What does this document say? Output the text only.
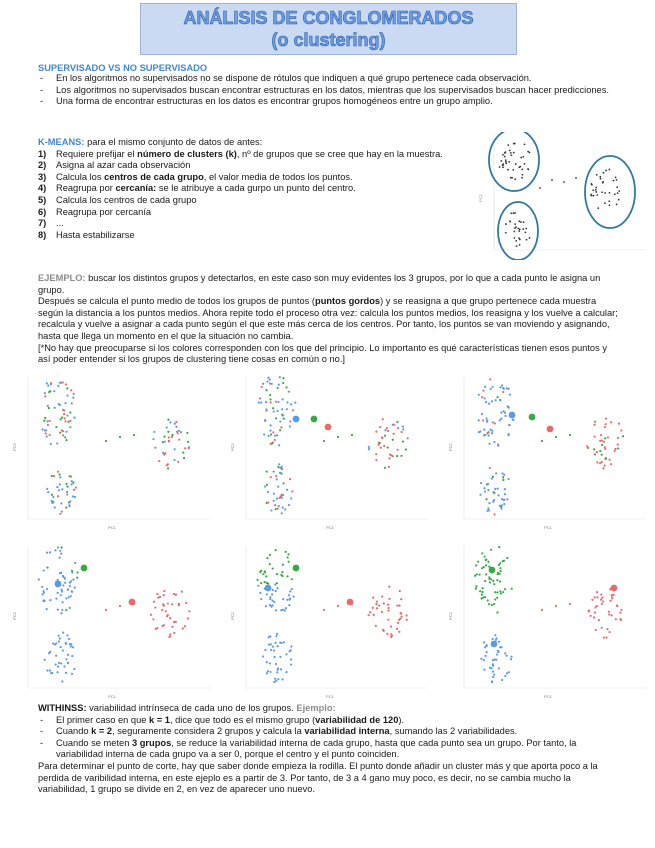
ANÁLISIS DE CONGLOMERADOS
(o clustering)
SUPERVISADO VS NO SUPERVISADO
- En los algoritmos no supervisados no se dispone de rótulos que indiquen a qué grupo pertenece cada observación.
- Los algoritmos no supervisados buscan encontrar estructuras en los datos, mientras que los supervisados buscan hacer predicciones.
- Una forma de encontrar estructuras en los datos es encontrar grupos homogéneos entre un grupo amplio.
K-MEANS: para el mismo conjunto de datos de antes:
1) Requiere prefijar el número de clusters (k), nº de grupos que se cree que hay en la muestra.
2) Asigna al azar cada observación
3) Calcula los centros de cada grupo, el valor media de todos los puntos.
4) Reagrupa por cercanía: se le atribuye a cada gurpo un punto del centro.
5) Calcula los centros de cada grupo
6) Reagrupa por cercanía
7) ...
8) Hasta estabilizarse
PC2
EJEMPLO: buscar los distintos grupos y detectarlos, en este caso son muy evidentes los 3 grupos, por lo que a cada punto le asigna un grupo.
Después se calcula el punto medio de todos los grupos de puntos (puntos gordos) y se reasigna a que grupo pertenece cada muestra según la distancia a los puntos medios. Ahora repite todo el proceso otra vez: calcula los puntos medios, los reasigna y los vuelve a calcular; recalcula y vuelve a asignar a cada punto según el que este más cerca de los centros. Por tanto, los puntos se van moviendo y asignando, hasta que llega un momento en el que la situación no cambia.
[*No hay que preocuparse si los colores corresponden con los que del principio. Lo importanto es qué características tienen esos puntos y así poder entender si los grupos de clustering tiene cosas en común o no.]
PC1
PC2
PC1
PC2
PC1
PC2
PC1
PC2
PC1
PC2
PC1
PC2
WITHINSS: variabilidad intrínseca de cada uno de los grupos. Ejemplo:
- El primer caso en que k = 1, dice que todo es el mismo grupo (variabilidad de 120).
- Cuando k = 2, seguramente considera 2 grupos y calcula la variabilidad interna, sumando las 2 variabilidades.
- Cuando se meten 3 grupos, se reduce la variabilidad interna de cada grupo, hasta que cada punto sea un grupo. Por tanto, la variabilidad interna de cada grupo va a ser 0, porque el centro y el punto coinciden.
Para determinar el punto de corte, hay que saber donde empieza la rodilla. El punto donde añadir un cluster más y que aporta poco a la perdida de varibilidad interna, en este ejeplo es a partir de 3. Por tanto, de 3 a 4 gano muy poco, es decir, no se cambia mucho la variabilidad, 1 grupo se divide en 2, en vez de aparecer uno nuevo.
